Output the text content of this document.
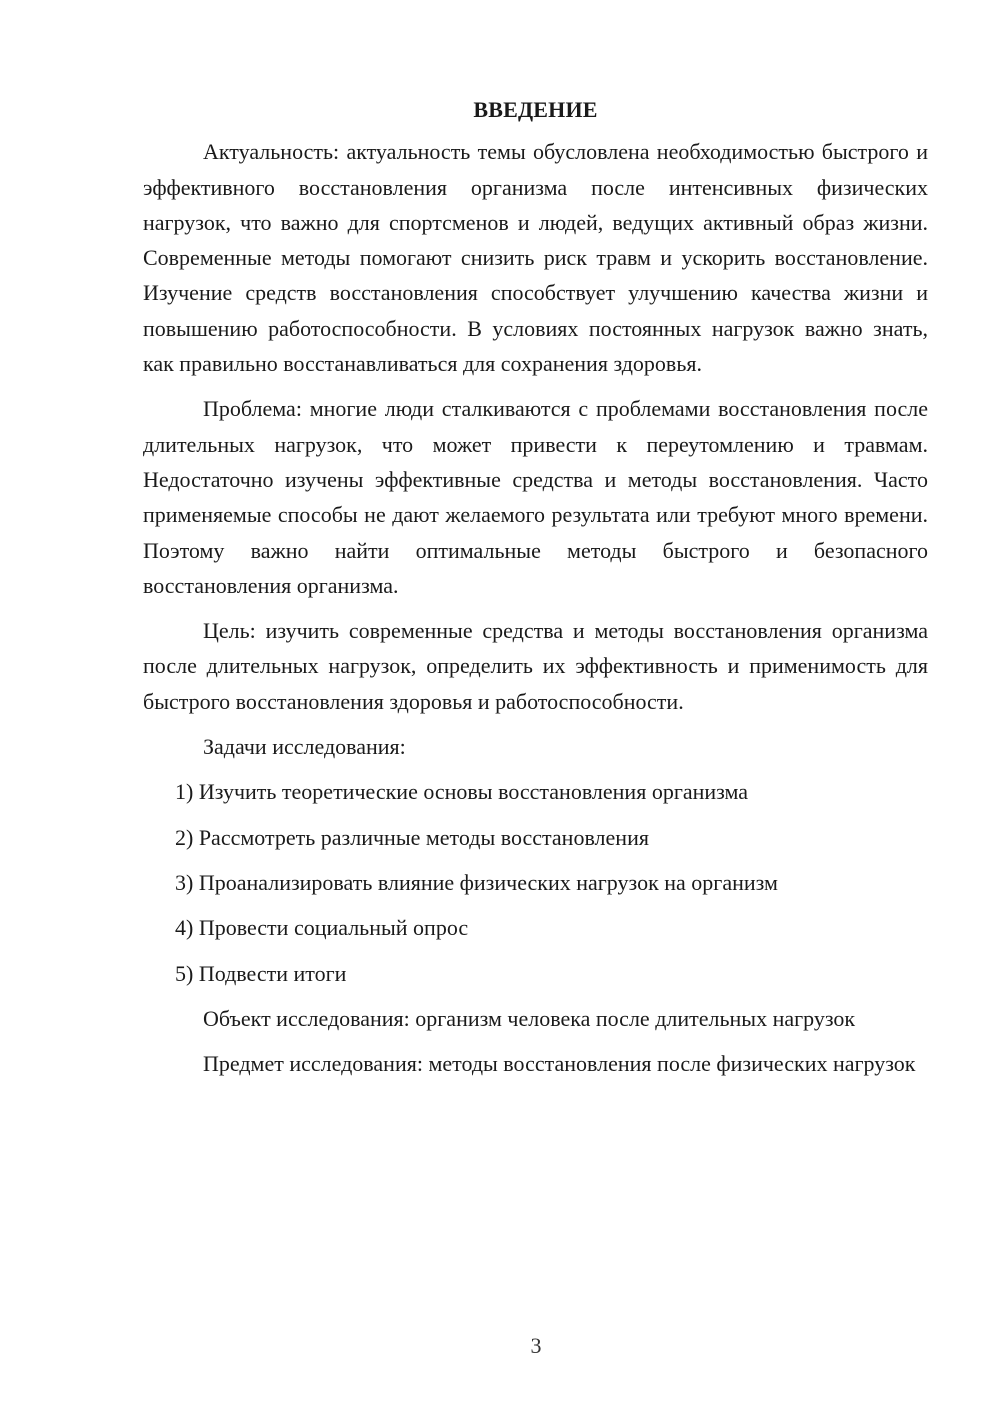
ВВЕДЕНИЕ

Актуальность: актуальность темы обусловлена необходимостью быстрого и эффективного восстановления организма после интенсивных физических нагрузок, что важно для спортсменов и людей, ведущих активный образ жизни. Современные методы помогают снизить риск травм и ускорить восстановление. Изучение средств восстановления способствует улучшению качества жизни и повышению работоспособности. В условиях постоянных нагрузок важно знать, как правильно восстанавливаться для сохранения здоровья.

Проблема: многие люди сталкиваются с проблемами восстановления после длительных нагрузок, что может привести к переутомлению и травмам. Недостаточно изучены эффективные средства и методы восстановления. Часто применяемые способы не дают желаемого результата или требуют много времени. Поэтому важно найти оптимальные методы быстрого и безопасного восстановления организма.

Цель: изучить современные средства и методы восстановления организма после длительных нагрузок, определить их эффективность и применимость для быстрого восстановления здоровья и работоспособности.

Задачи исследования:

1) Изучить теоретические основы восстановления организма
2) Рассмотреть различные методы восстановления
3) Проанализировать влияние физических нагрузок на организм
4) Провести социальный опрос
5) Подвести итоги

Объект исследования: организм человека после длительных нагрузок

Предмет исследования: методы восстановления после физических нагрузок

3
